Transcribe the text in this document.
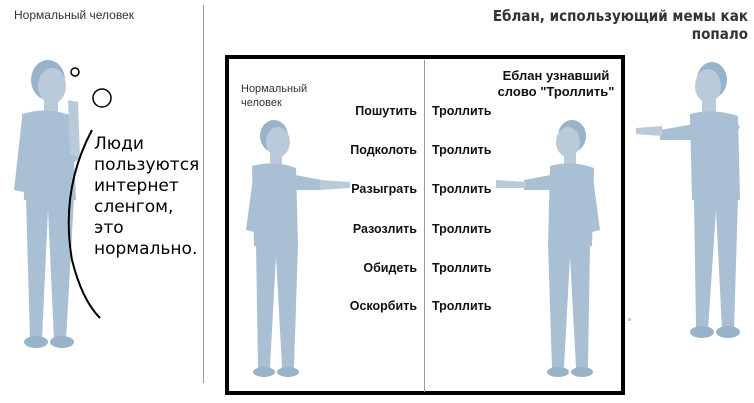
Нормальный человек	Еблан, использующий мемы как попало
Люди
пользуются
интернет
сленгом,
это
нормально.
Нормальный
человек
Еблан узнавший
слово "Троллить"
Пошутить
Подколоть
Разыграть
Разозлить
Обидеть
Оскорбить
Троллить
Троллить
Троллить
Троллить
Троллить
Троллить
